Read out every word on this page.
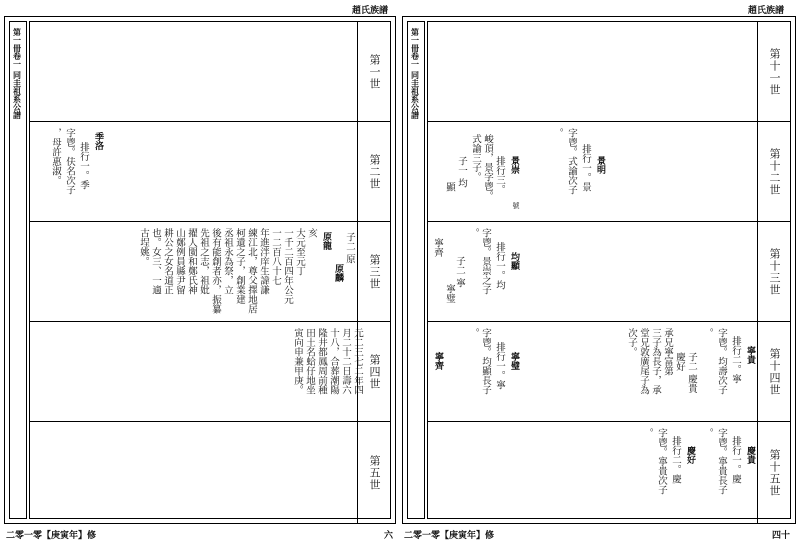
趙氏族譜	趙氏族譜
第一冊卷一 同圭祖系公譜	第一世
第二世
季洛
排行一。季
字鬯。伕名次子
，母許惠淑。
第三世
子二 原
原麟
原龍
亥
大元至元丁
一千二百四年公元
一二百八十七
年進泮庠生諱謙
練江北，尊父擇地居
柯遺之子，創業建
丞祖永為祭，立
後有能創者亦，振纂
先祖之志，祖妣
擢人閩和鄭氏神
山鄭例員縣尹留
耕公之女名道正
也。女三、一適
古埕姚。
第四世
元二三七二年四
月二十二日壽六
十八，合葬潮陽
隆井都鳳周前種
田土名蛤仔地坐
寅向申兼甲庚。
第五世
第一冊卷一 同圭祖系公譜	第十一世
第十二世
景明
排行一。景
字鬯。式諭次子
。
景崇
排行三。
號
峻頂，景字鬯。
式諭三子。
子一 均
顯
第十三世
均顯
排行一。均
字鬯。景崇之子
。
子二 寧
寧齊
寧璧
第十四世
寧貴
排行二。寧
字鬯。均壽次子
。
子二 慶貴
慶好
承兄寧富第
三子為長子，承
堂兄敦廣尾子為
次子。
寧璧
排行一。寧
字鬯。均顯長子
。
寧齊
第十五世
慶貴
排行一。慶
字鬯。寧貴長子
。
慶好
排行二。慶
字鬯。寧貴次子
。
二零一零【庚寅年】修	六 二零一零【庚寅年】修	四十
